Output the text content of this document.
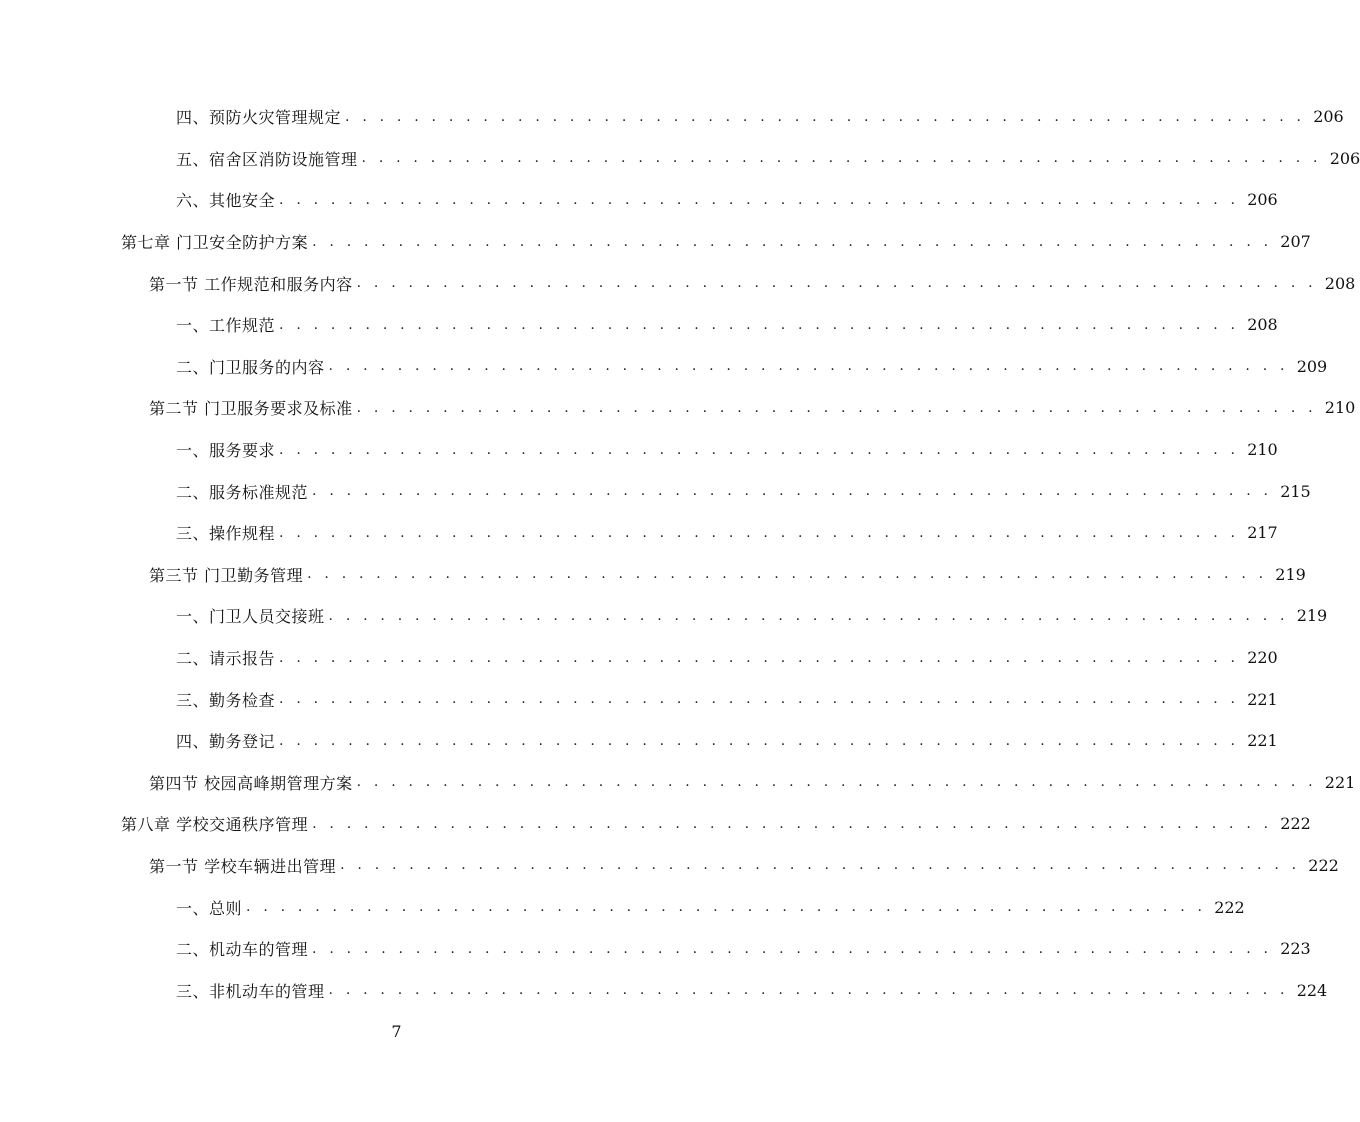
四、预防火灾管理规定 . . . . . . . . . . . . . . . . . . . . . . . . . . . . . . . . . . . . . . . . . . . . . . . . . . . . . . . . 206
五、宿舍区消防设施管理 . . . . . . . . . . . . . . . . . . . . . . . . . . . . . . . . . . . . . . . . . . . . . . . . . . . . . . . . 206
六、其他安全 . . . . . . . . . . . . . . . . . . . . . . . . . . . . . . . . . . . . . . . . . . . . . . . . . . . . . . . . 206
第七章 门卫安全防护方案 . . . . . . . . . . . . . . . . . . . . . . . . . . . . . . . . . . . . . . . . . . . . . . . . . . . . . . . . 207
第一节 工作规范和服务内容 . . . . . . . . . . . . . . . . . . . . . . . . . . . . . . . . . . . . . . . . . . . . . . . . . . . . . . . . 208
一、工作规范 . . . . . . . . . . . . . . . . . . . . . . . . . . . . . . . . . . . . . . . . . . . . . . . . . . . . . . . . 208
二、门卫服务的内容 . . . . . . . . . . . . . . . . . . . . . . . . . . . . . . . . . . . . . . . . . . . . . . . . . . . . . . . . 209
第二节 门卫服务要求及标准 . . . . . . . . . . . . . . . . . . . . . . . . . . . . . . . . . . . . . . . . . . . . . . . . . . . . . . . . 210
一、服务要求 . . . . . . . . . . . . . . . . . . . . . . . . . . . . . . . . . . . . . . . . . . . . . . . . . . . . . . . . 210
二、服务标准规范 . . . . . . . . . . . . . . . . . . . . . . . . . . . . . . . . . . . . . . . . . . . . . . . . . . . . . . . . 215
三、操作规程 . . . . . . . . . . . . . . . . . . . . . . . . . . . . . . . . . . . . . . . . . . . . . . . . . . . . . . . . 217
第三节 门卫勤务管理 . . . . . . . . . . . . . . . . . . . . . . . . . . . . . . . . . . . . . . . . . . . . . . . . . . . . . . . . 219
一、门卫人员交接班 . . . . . . . . . . . . . . . . . . . . . . . . . . . . . . . . . . . . . . . . . . . . . . . . . . . . . . . . 219
二、请示报告 . . . . . . . . . . . . . . . . . . . . . . . . . . . . . . . . . . . . . . . . . . . . . . . . . . . . . . . . 220
三、勤务检查 . . . . . . . . . . . . . . . . . . . . . . . . . . . . . . . . . . . . . . . . . . . . . . . . . . . . . . . . 221
四、勤务登记 . . . . . . . . . . . . . . . . . . . . . . . . . . . . . . . . . . . . . . . . . . . . . . . . . . . . . . . . 221
第四节 校园高峰期管理方案 . . . . . . . . . . . . . . . . . . . . . . . . . . . . . . . . . . . . . . . . . . . . . . . . . . . . . . . . 221
第八章 学校交通秩序管理 . . . . . . . . . . . . . . . . . . . . . . . . . . . . . . . . . . . . . . . . . . . . . . . . . . . . . . . . 222
第一节 学校车辆进出管理 . . . . . . . . . . . . . . . . . . . . . . . . . . . . . . . . . . . . . . . . . . . . . . . . . . . . . . . . 222
一、总则 . . . . . . . . . . . . . . . . . . . . . . . . . . . . . . . . . . . . . . . . . . . . . . . . . . . . . . . . 222
二、机动车的管理 . . . . . . . . . . . . . . . . . . . . . . . . . . . . . . . . . . . . . . . . . . . . . . . . . . . . . . . . 223
三、非机动车的管理 . . . . . . . . . . . . . . . . . . . . . . . . . . . . . . . . . . . . . . . . . . . . . . . . . . . . . . . . 224
7
